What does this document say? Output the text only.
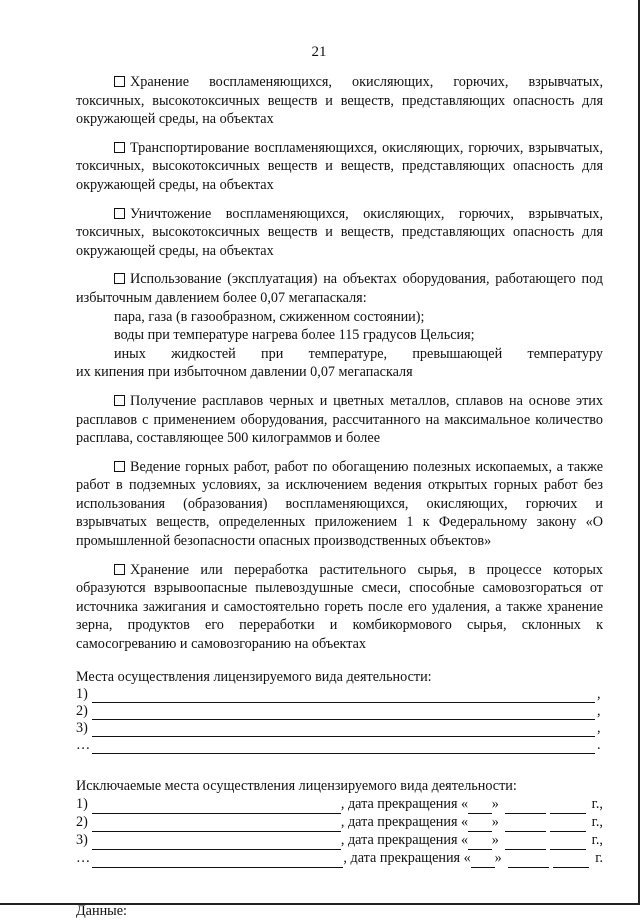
21
Хранение воспламеняющихся, окисляющих, горючих, взрывчатых, токсичных, высокотоксичных веществ и веществ, представляющих опасность для окружающей среды, на объектах
Транспортирование воспламеняющихся, окисляющих, горючих, взрывчатых, токсичных, высокотоксичных веществ и веществ, представляющих опасность для окружающей среды, на объектах
Уничтожение воспламеняющихся, окисляющих, горючих, взрывчатых, токсичных, высокотоксичных веществ и веществ, представляющих опасность для окружающей среды, на объектах
Использование (эксплуатация) на объектах оборудования, работающего под избыточным давлением более 0,07 мегапаскаля:
пара, газа (в газообразном, сжиженном состоянии);
воды при температуре нагрева более 115 градусов Цельсия;
иных жидкостей при температуре, превышающей температуру
их кипения при избыточном давлении 0,07 мегапаскаля
Получение расплавов черных и цветных металлов, сплавов на основе этих расплавов с применением оборудования, рассчитанного на максимальное количество расплава, составляющее 500 килограммов и более
Ведение горных работ, работ по обогащению полезных ископаемых, а также работ в подземных условиях, за исключением ведения открытых горных работ без использования (образования) воспламеняющихся, окисляющих, горючих и взрывчатых веществ, определенных приложением 1 к Федеральному закону «О промышленной безопасности опасных производственных объектов»
Хранение или переработка растительного сырья, в процессе которых образуются взрывоопасные пылевоздушные смеси, способные самовозгораться от источника зажигания и самостоятельно гореть после его удаления, а также хранение зерна, продуктов его переработки и комбикормового сырья, склонных к самосогреванию и самовозгоранию на объектах
Места осуществления лицензируемого вида деятельности:
1)	,
2)	,
3)	,
…	.
Исключаемые места осуществления лицензируемого вида деятельности:
1)	, дата прекращения « »	г.,
2)	, дата прекращения « »	г.,
3)	, дата прекращения « »	г.,
…	, дата прекращения « »	г.
Данные:
